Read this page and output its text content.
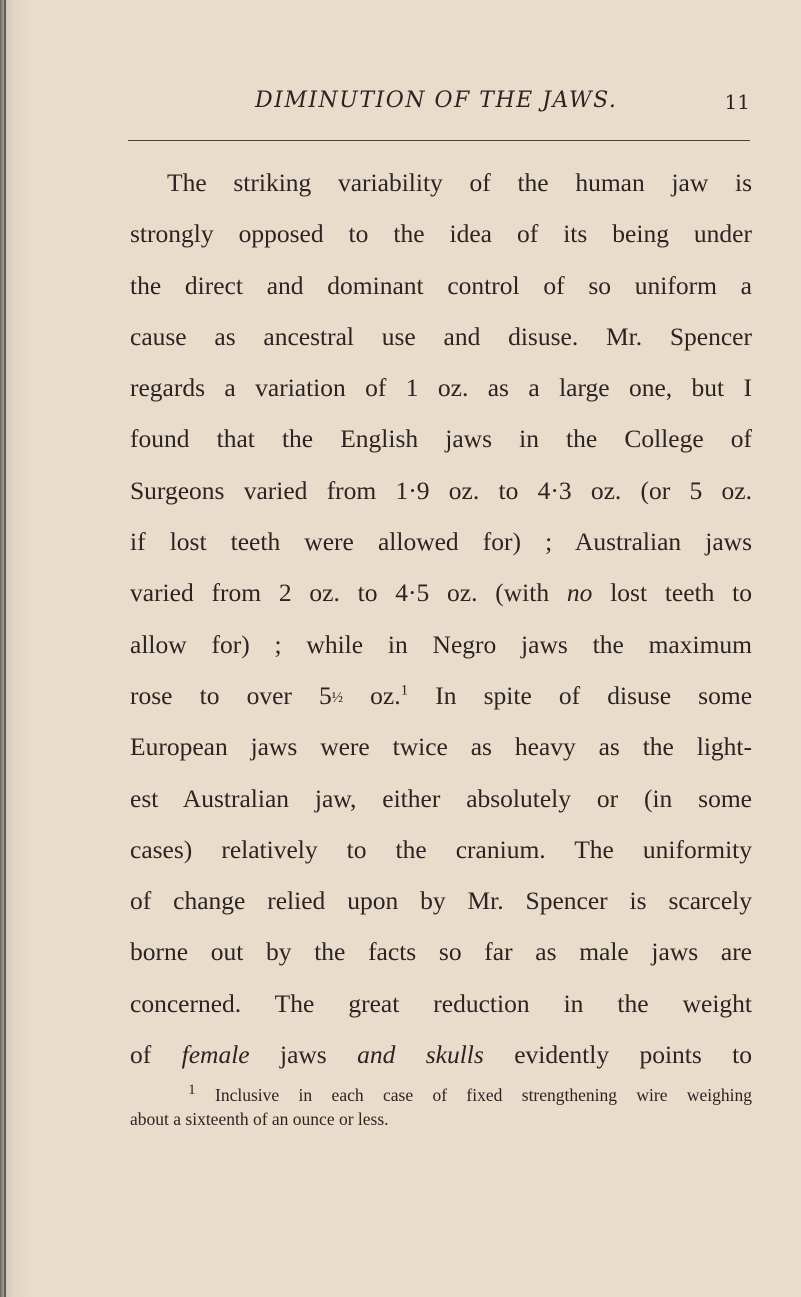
DIMINUTION OF THE JAWS.	11
The striking variability of the human jaw is
strongly opposed to the idea of its being under
the direct and dominant control of so uniform a
cause as ancestral use and disuse. Mr. Spencer
regards a variation of 1 oz. as a large one, but I
found that the English jaws in the College of
Surgeons varied from 1·9 oz. to 4·3 oz. (or 5 oz.
if lost teeth were allowed for) ; Australian jaws
varied from 2 oz. to 4·5 oz. (with no lost teeth to
allow for) ; while in Negro jaws the maximum
rose to over 5½ oz.$^1$ In spite of disuse some
European jaws were twice as heavy as the light-
est Australian jaw, either absolutely or (in some
cases) relatively to the cranium. The uniformity
of change relied upon by Mr. Spencer is scarcely
borne out by the facts so far as male jaws are
concerned. The great reduction in the weight
of female jaws and skulls evidently points to
1 Inclusive in each case of fixed strengthening wire weighing
about a sixteenth of an ounce or less.
